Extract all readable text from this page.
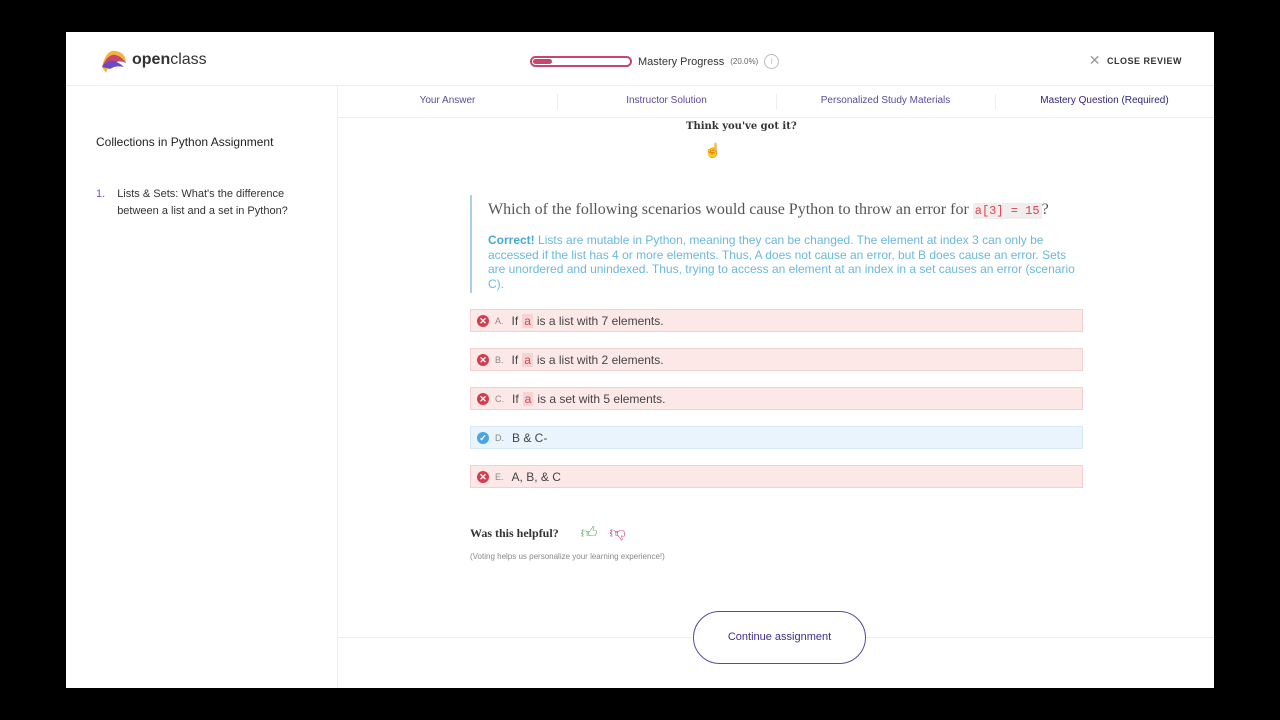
openclass	Mastery Progress (20.0%)	i	✕ CLOSE REVIEW
Collections in Python Assignment
1. Lists & Sets: What's the difference between a list and a set in Python?
Your Answer	Instructor Solution	Personalized Study Materials	Mastery Question (Required)
Think you've got it?
☝
Which of the following scenarios would cause Python to throw an error for a[3] = 15 ?
Correct! Lists are mutable in Python, meaning they can be changed. The element at index 3 can only be accessed if the list has 4 or more elements. Thus, A does not cause an error, but B does cause an error. Sets are unordered and unindexed. Thus, trying to access an element at an index in a set causes an error (scenario C).
✕ A. If a is a list with 7 elements.
✕ B. If a is a list with 2 elements.
✕ C. If a is a set with 5 elements.
✓ D. B & C-
✕ E. A, B, & C
Was this helpful? 👍︎ 👎︎
(Voting helps us personalize your learning experience!)
Continue assignment
